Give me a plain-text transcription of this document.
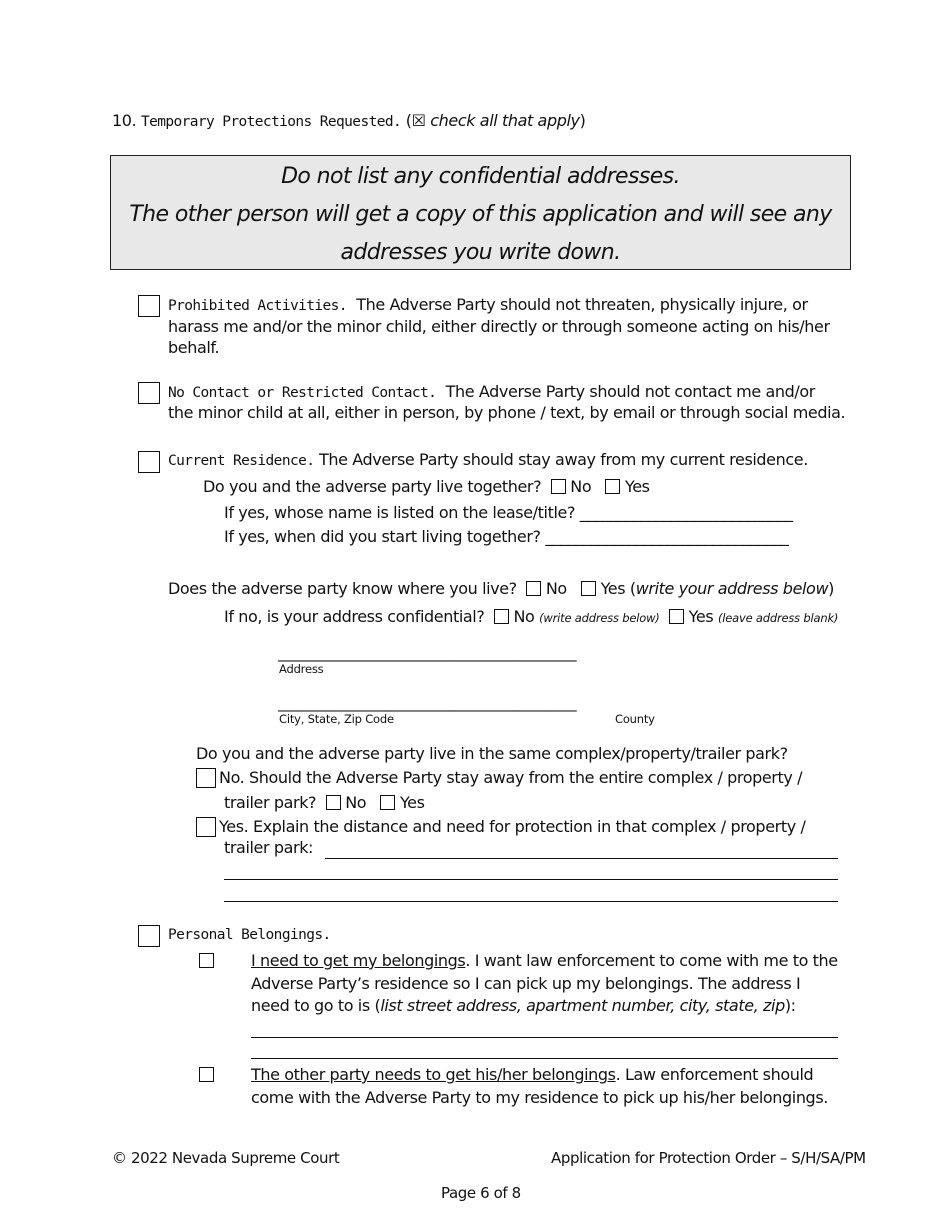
10. Temporary Protections Requested. (☒ check all that apply)
Do not list any confidential addresses.
The other person will get a copy of this application and will see any
addresses you write down.
Prohibited Activities. The Adverse Party should not threaten, physically injure, or
harass me and/or the minor child, either directly or through someone acting on his/her
behalf.
No Contact or Restricted Contact. The Adverse Party should not contact me and/or
the minor child at all, either in person, by phone / text, by email or through social media.
Current Residence. The Adverse Party should stay away from my current residence.
Do you and the adverse party live together? No Yes
If yes, whose name is listed on the lease/title? ____________________________
If yes, when did you start living together? ________________________________
Does the adverse party know where you live? No Yes (write your address below)
If no, is your address confidential? No (write address below) Yes (leave address blank)
__________________________________________
Address
__________________________________________
City, State, Zip Code	County
Do you and the adverse party live in the same complex/property/trailer park?
No. Should the Adverse Party stay away from the entire complex / property /
trailer park? No Yes
Yes. Explain the distance and need for protection in that complex / property /
trailer park:
Personal Belongings.
I need to get my belongings. I want law enforcement to come with me to the
Adverse Party’s residence so I can pick up my belongings. The address I
need to go to is (list street address, apartment number, city, state, zip):
The other party needs to get his/her belongings. Law enforcement should
come with the Adverse Party to my residence to pick up his/her belongings.
© 2022 Nevada Supreme Court	Application for Protection Order – S/H/SA/PM
Page 6 of 8
